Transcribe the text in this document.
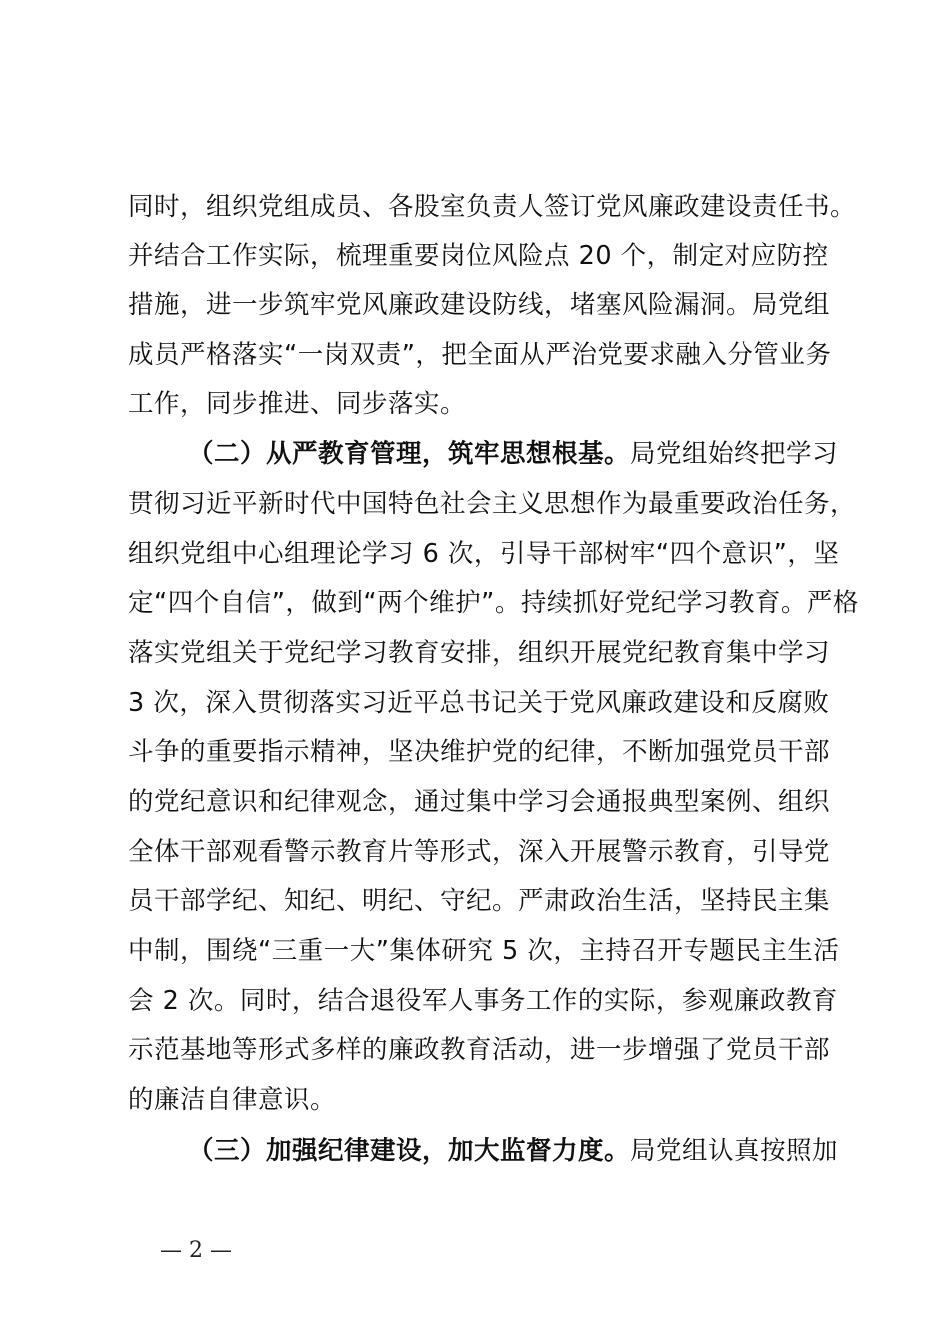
同时，组织党组成员、各股室负责人签订党风廉政建设责任书。
并结合工作实际，梳理重要岗位风险点 20 个，制定对应防控
措施，进一步筑牢党风廉政建设防线，堵塞风险漏洞。局党组
成员严格落实“一岗双责”，把全面从严治党要求融入分管业务
工作，同步推进、同步落实。
（二）从严教育管理，筑牢思想根基。局党组始终把学习
贯彻习近平新时代中国特色社会主义思想作为最重要政治任务，
组织党组中心组理论学习 6 次，引导干部树牢“四个意识”，坚
定“四个自信”，做到“两个维护”。持续抓好党纪学习教育。严格
落实党组关于党纪学习教育安排，组织开展党纪教育集中学习
3 次，深入贯彻落实习近平总书记关于党风廉政建设和反腐败
斗争的重要指示精神，坚决维护党的纪律，不断加强党员干部
的党纪意识和纪律观念，通过集中学习会通报典型案例、组织
全体干部观看警示教育片等形式，深入开展警示教育，引导党
员干部学纪、知纪、明纪、守纪。严肃政治生活，坚持民主集
中制，围绕“三重一大”集体研究 5 次，主持召开专题民主生活
会 2 次。同时，结合退役军人事务工作的实际，参观廉政教育
示范基地等形式多样的廉政教育活动，进一步增强了党员干部
的廉洁自律意识。
（三）加强纪律建设，加大监督力度。局党组认真按照加
— 2 —
